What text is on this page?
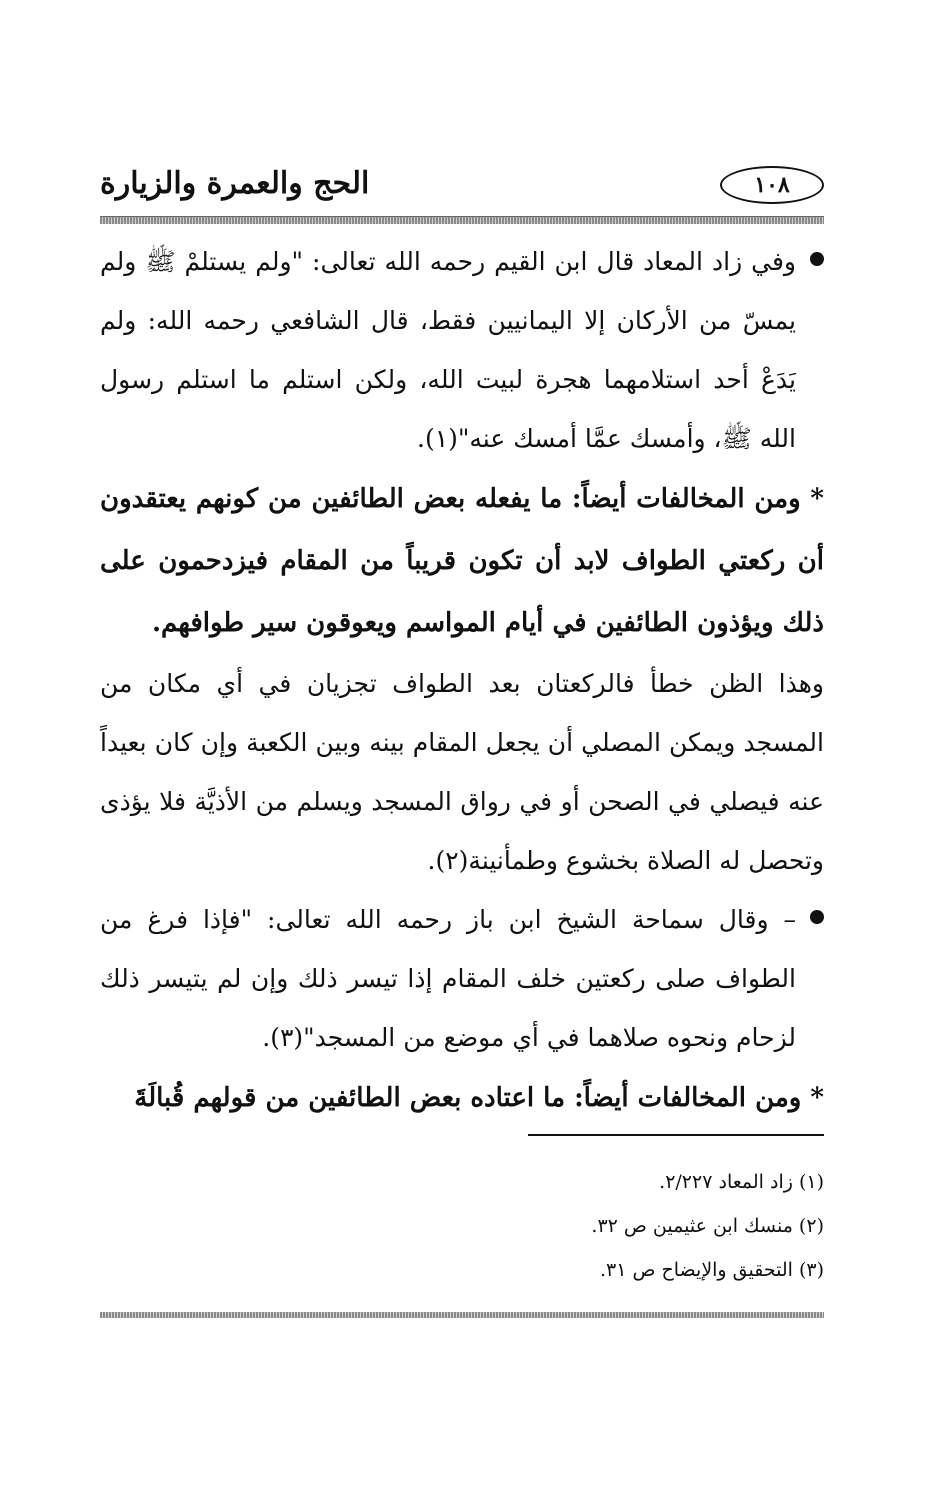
الحج والعمرة والزيارة	١٠٨

وفي زاد المعاد قال ابن القيم رحمه الله تعالى: "ولم يستلمْ ﷺ ولم يمسّ من الأركان إلا اليمانيين فقط، قال الشافعي رحمه الله: ولم يَدَعْ أحد استلامهما هجرة لبيت الله، ولكن استلم ما استلم رسول الله ﷺ، وأمسك عمَّا أمسك عنه"(١).

* ومن المخالفات أيضاً: ما يفعله بعض الطائفين من كونهم يعتقدون أن ركعتي الطواف لابد أن تكون قريباً من المقام فيزدحمون على ذلك ويؤذون الطائفين في أيام المواسم ويعوقون سير طوافهم.

وهذا الظن خطأ فالركعتان بعد الطواف تجزيان في أي مكان من المسجد ويمكن المصلي أن يجعل المقام بينه وبين الكعبة وإن كان بعيداً عنه فيصلي في الصحن أو في رواق المسجد ويسلم من الأذيَّة فلا يؤذى وتحصل له الصلاة بخشوع وطمأنينة(٢).

– وقال سماحة الشيخ ابن باز رحمه الله تعالى: "فإذا فرغ من الطواف صلى ركعتين خلف المقام إذا تيسر ذلك وإن لم يتيسر ذلك لزحام ونحوه صلاهما في أي موضع من المسجد"(٣).

* ومن المخالفات أيضاً: ما اعتاده بعض الطائفين من قولهم قُبالَةَ

(١) زاد المعاد ٢/٢٢٧.

(٢) منسك ابن عثيمين ص ٣٢.

(٣) التحقيق والإيضاح ص ٣١.
